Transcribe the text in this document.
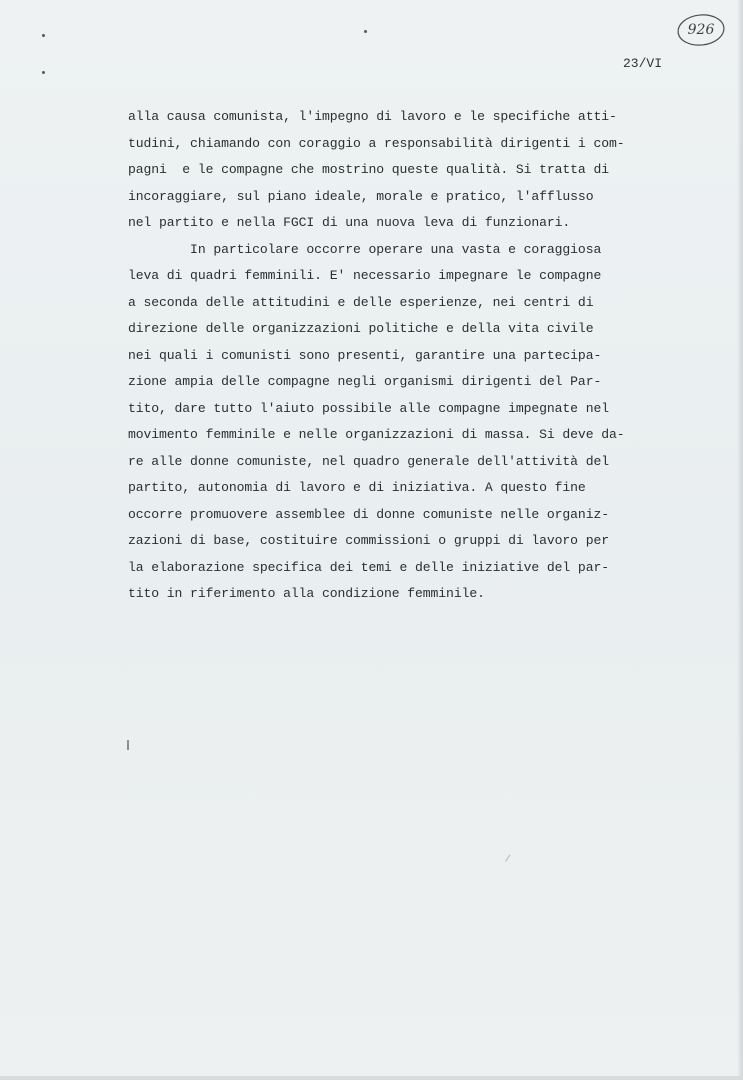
926
23/VI
alla causa comunista, l'impegno di lavoro e le specifiche atti-
tudini, chiamando con coraggio a responsabilità dirigenti i com-
pagni  e le compagne che mostrino queste qualità. Si tratta di
incoraggiare, sul piano ideale, morale e pratico, l'afflusso
nel partito e nella FGCI di una nuova leva di funzionari.
In particolare occorre operare una vasta e coraggiosa
leva di quadri femminili. E' necessario impegnare le compagne
a seconda delle attitudini e delle esperienze, nei centri di
direzione delle organizzazioni politiche e della vita civile
nei quali i comunisti sono presenti, garantire una partecipa-
zione ampia delle compagne negli organismi dirigenti del Par-
tito, dare tutto l'aiuto possibile alle compagne impegnate nel
movimento femminile e nelle organizzazioni di massa. Si deve da-
re alle donne comuniste, nel quadro generale dell'attività del
partito, autonomia di lavoro e di iniziativa. A questo fine
occorre promuovere assemblee di donne comuniste nelle organiz-
zazioni di base, costituire commissioni o gruppi di lavoro per
la elaborazione specifica dei temi e delle iniziative del par-
tito in riferimento alla condizione femminile.
